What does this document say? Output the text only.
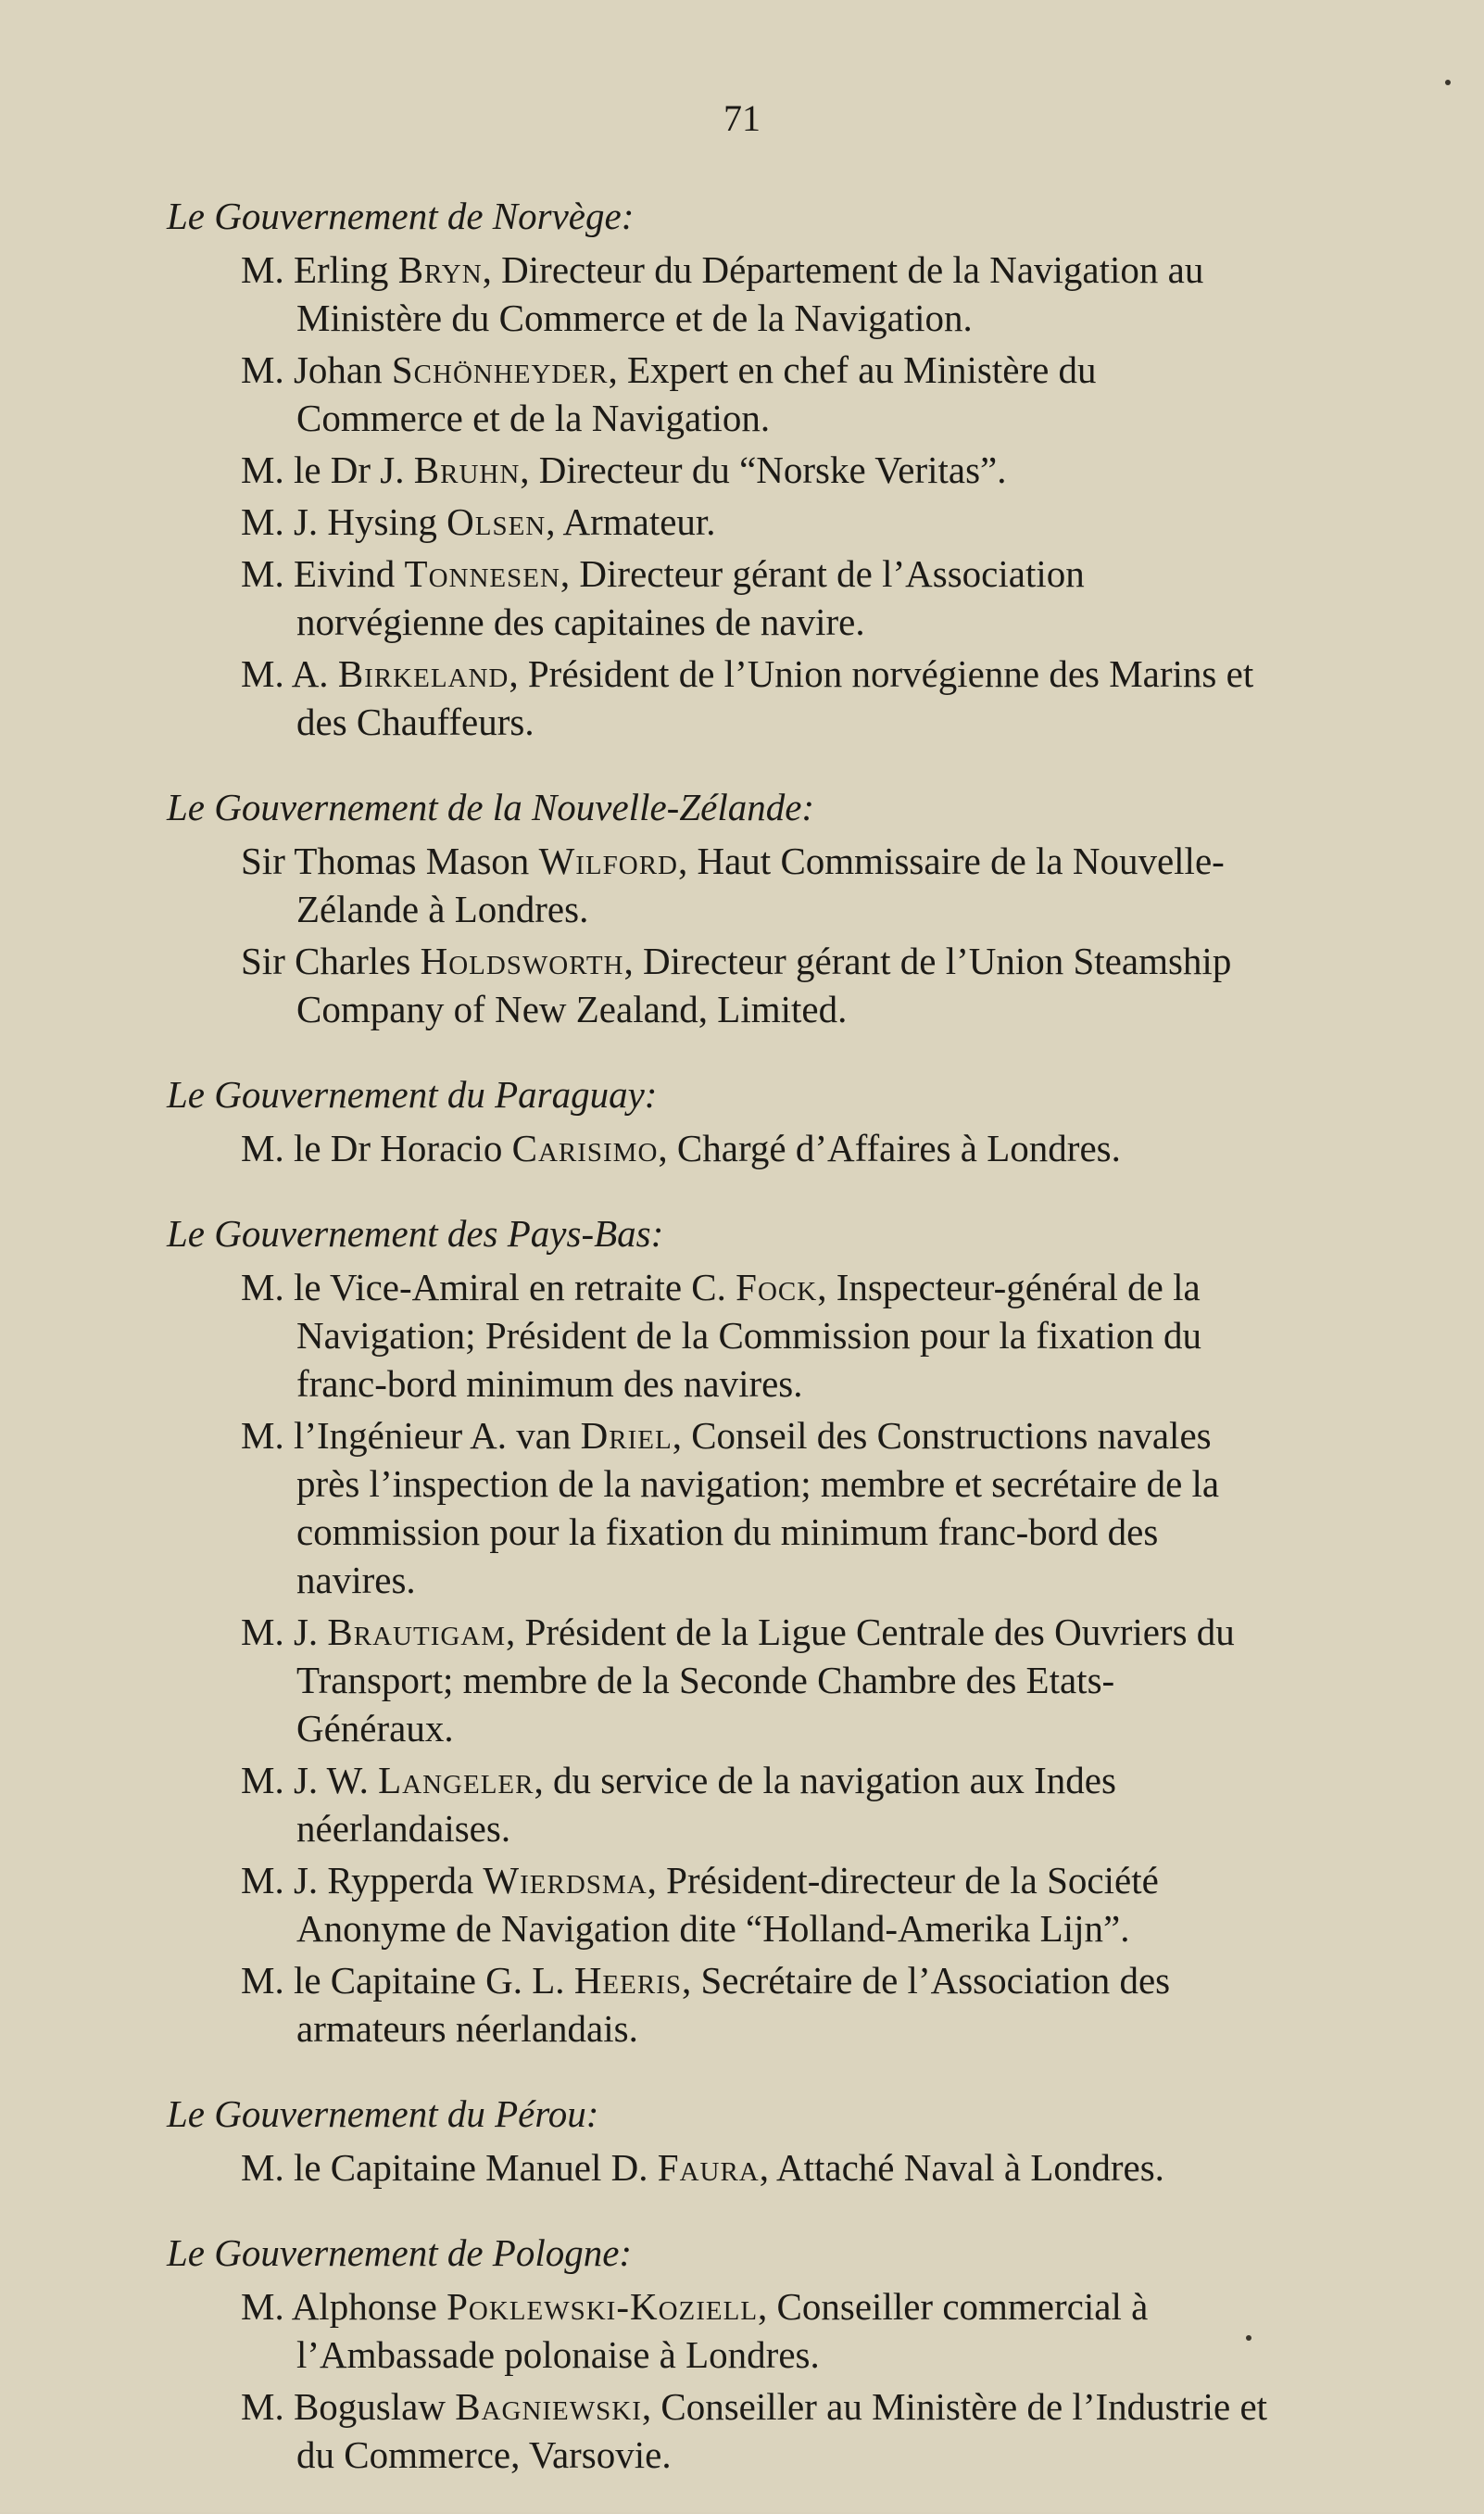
71
Le Gouvernement de Norvège:

M. Erling Bryn, Directeur du Département de la Navigation au Ministère du Commerce et de la Navigation.

M. Johan Schönheyder, Expert en chef au Ministère du Commerce et de la Navigation.

M. le Dr J. Bruhn, Directeur du “Norske Veritas”.

M. J. Hysing Olsen, Armateur.

M. Eivind Tonnesen, Directeur gérant de l’Association norvégienne des capitaines de navire.

M. A. Birkeland, Président de l’Union norvégienne des Marins et des Chauffeurs.

Le Gouvernement de la Nouvelle-Zélande:

Sir Thomas Mason Wilford, Haut Commissaire de la Nouvelle-Zélande à Londres.

Sir Charles Holdsworth, Directeur gérant de l’Union Steamship Company of New Zealand, Limited.

Le Gouvernement du Paraguay:

M. le Dr Horacio Carisimo, Chargé d’Affaires à Londres.

Le Gouvernement des Pays-Bas:

M. le Vice-Amiral en retraite C. Fock, Inspecteur-général de la Navigation; Président de la Commission pour la fixation du franc-bord minimum des navires.

M. l’Ingénieur A. van Driel, Conseil des Constructions navales près l’inspection de la navigation; membre et secrétaire de la commission pour la fixation du minimum franc-bord des navires.

M. J. Brautigam, Président de la Ligue Centrale des Ouvriers du Transport; membre de la Seconde Chambre des Etats-Généraux.

M. J. W. Langeler, du service de la navigation aux Indes néerlandaises.

M. J. Rypperda Wierdsma, Président-directeur de la Société Anonyme de Navigation dite “Holland-Amerika Lijn”.

M. le Capitaine G. L. Heeris, Secrétaire de l’Association des armateurs néerlandais.

Le Gouvernement du Pérou:

M. le Capitaine Manuel D. Faura, Attaché Naval à Londres.

Le Gouvernement de Pologne:

M. Alphonse Poklewski-Koziell, Conseiller commercial à l’Ambassade polonaise à Londres.

M. Boguslaw Bagniewski, Conseiller au Ministère de l’Industrie et du Commerce, Varsovie.
